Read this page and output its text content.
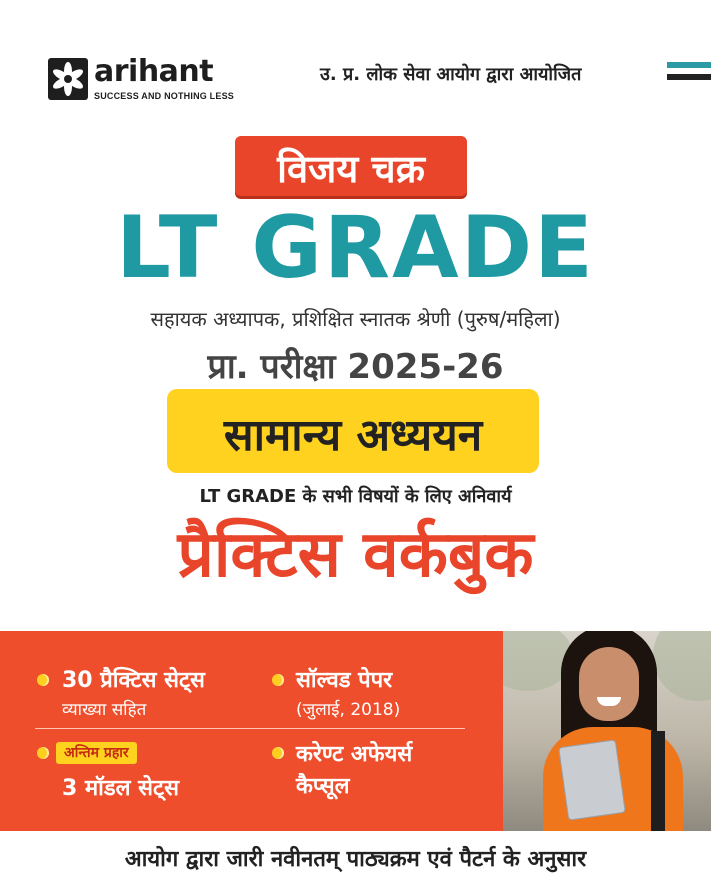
arihant
SUCCESS AND NOTHING LESS
उ. प्र. लोक सेवा आयोग द्वारा आयोजित
विजय चक्र
LT GRADE
सहायक अध्यापक, प्रशिक्षित स्नातक श्रेणी (पुरुष/महिला)
प्रा. परीक्षा 2025-26
सामान्य अध्ययन
LT GRADE के सभी विषयों के लिए अनिवार्य
प्रैक्टिस वर्कबुक
30 प्रैक्टिस सेट्स
व्याख्या सहित
सॉल्वड पेपर
(जुलाई, 2018)
अन्तिम प्रहार
3 मॉडल सेट्स
करेण्ट अफेयर्स
कैप्सूल
आयोग द्वारा जारी नवीनतम् पाठ्यक्रम एवं पैटर्न के अनुसार
